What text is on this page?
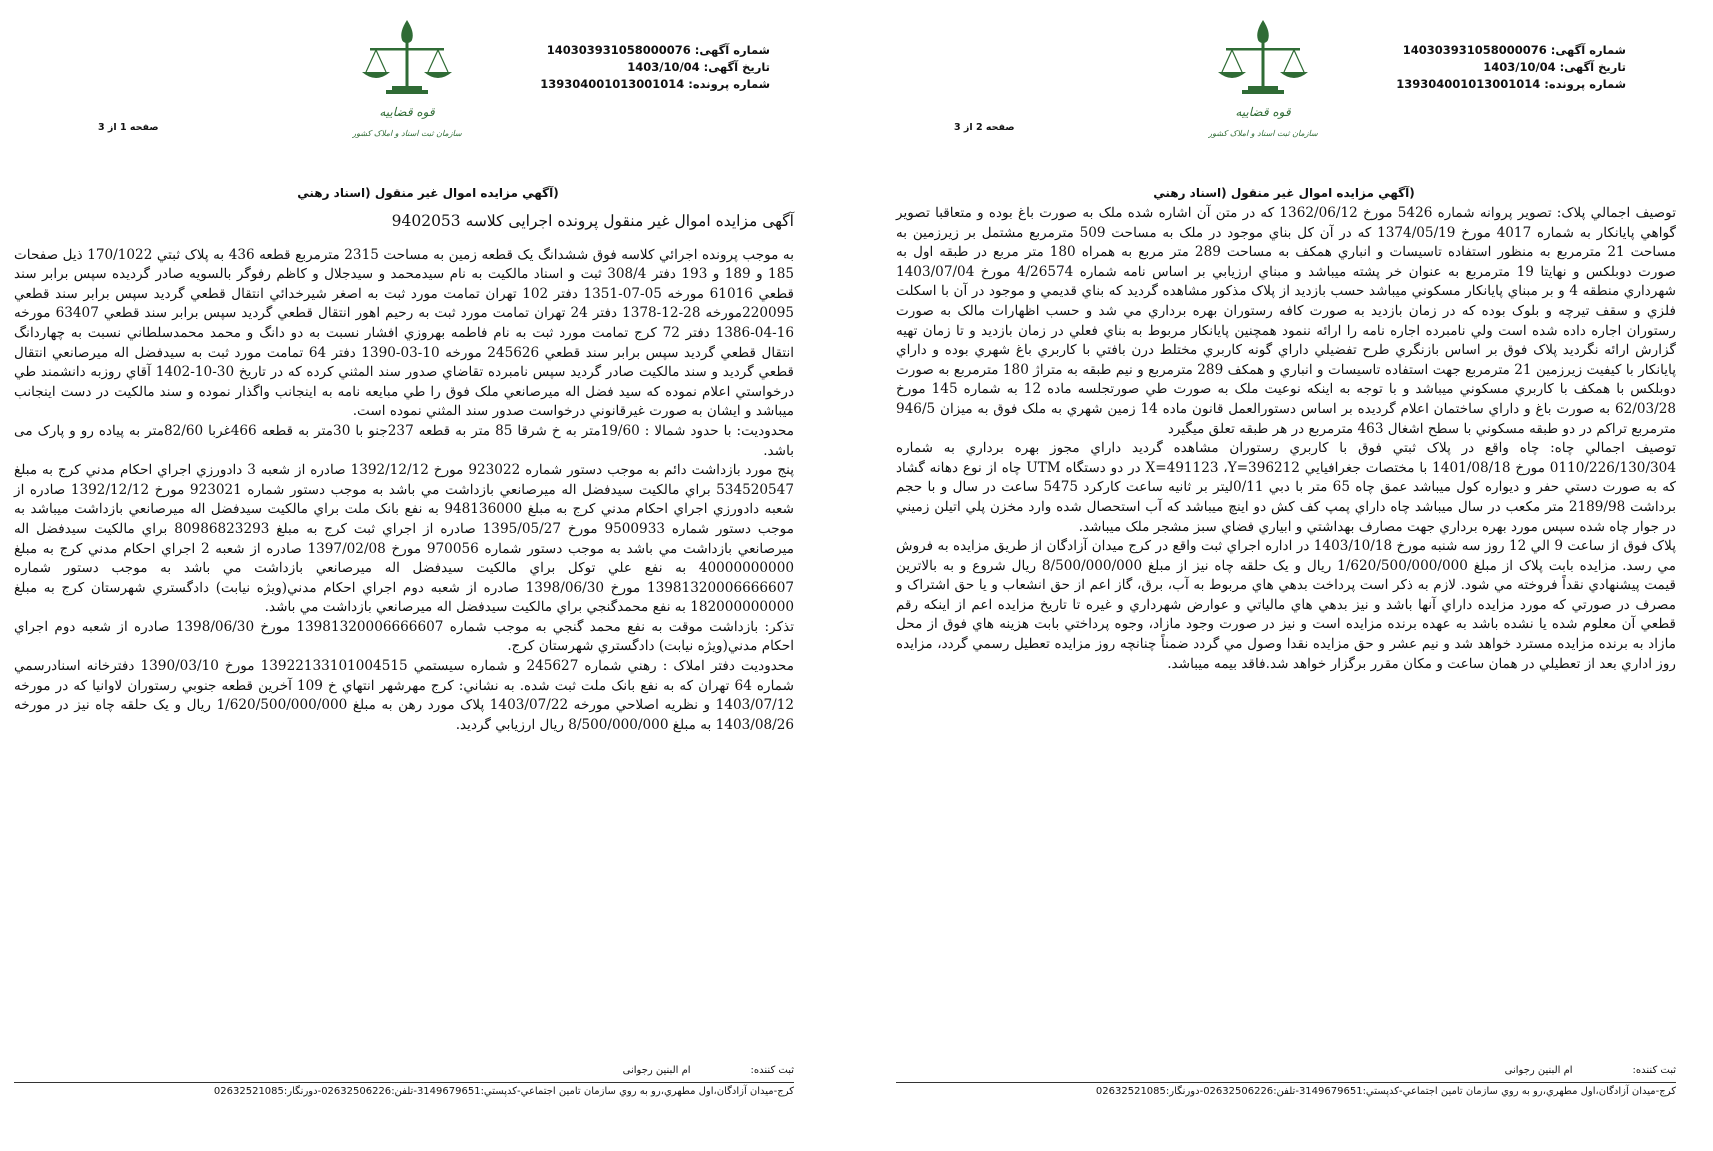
شماره آگهی: 140303931058000076
تاریخ آگهی: 1403/10/04
شماره پرونده: 139304001013001014
قوه قضاییه
سازمان ثبت اسناد و املاک کشور
صفحه 1 از 3
(آگهي مزايده اموال غير منقول (اسناد رهني

آگهی مزایده اموال غیر منقول پرونده اجرایی کلاسه 9402053

به موجب پرونده اجرائي کلاسه فوق ششدانگ يک قطعه زمين به مساحت 2315 مترمربع قطعه 436 به پلاک ثبتي 170/1022 ذيل صفحات 185 و 189 و 193 دفتر 308/4 ثبت و اسناد مالکيت به نام سيدمحمد و سيدجلال و کاظم رفوگر بالسويه صادر گرديده سپس برابر سند قطعي 61016 مورخه 05-07-1351 دفتر 102 تهران تمامت مورد ثبت به اصغر شيرخدائي انتقال قطعي گرديد سپس برابر سند قطعي 220095مورخه 28-12-1378 دفتر 24 تهران تمامت مورد ثبت به رحيم اهور انتقال قطعي گرديد سپس برابر سند قطعي 63407 مورخه 16-04-1386 دفتر 72 کرج تمامت مورد ثبت به نام فاطمه بهروزي افشار نسبت به دو دانگ و محمد محمدسلطاني نسبت به چهاردانگ انتقال قطعي گرديد سپس برابر سند قطعي 245626 مورخه 10-03-1390 دفتر 64 تمامت مورد ثبت به سيدفضل اله ميرصانعي انتقال قطعي گرديد و سند مالکيت صادر گرديد سپس نامبرده تقاضاي صدور سند المثني کرده که در تاريخ 30-10-1402 آقاي روزبه دانشمند طي درخواستي اعلام نموده که سيد فضل اله ميرصانعي ملک فوق را طي مبايعه نامه به اينجانب واگذار نموده و سند مالکيت در دست اينجانب ميباشد و ايشان به صورت غيرقانوني درخواست صدور سند المثني نموده است.

محدوديت: با حدود شمالا : 19/60متر به خ شرقا 85 متر به قطعه 237جنو با 30متر به قطعه 466غربا 82/60متر به پياده رو و پارک می باشد.

پنج مورد بازداشت دائم به موجب دستور شماره 923022 مورخ 1392/12/12 صادره از شعبه 3 دادورزي اجراي احکام مدني کرج به مبلغ 534520547 براي مالکيت سيدفضل اله ميرصانعي بازداشت مي باشد به موجب دستور شماره 923021 مورخ 1392/12/12 صادره از شعبه دادورزي اجراي احکام مدني کرج به مبلغ 948136000 به نفع بانک ملت براي مالکيت سيدفضل اله ميرصانعي بازداشت ميباشد به موجب دستور شماره 9500933 مورخ 1395/05/27 صادره از اجراي ثبت کرج به مبلغ 80986823293 براي مالکيت سيدفضل اله ميرصانعي بازداشت مي باشد به موجب دستور شماره 970056 مورخ 1397/02/08 صادره از شعبه 2 اجراي احکام مدني کرج به مبلغ 40000000000 به نفع علي توکل براي مالکيت سيدفضل اله ميرصانعي بازداشت مي باشد به موجب دستور شماره 13981320006666607 مورخ 1398/06/30 صادره از شعبه دوم اجراي احکام مدني(ويژه نيابت) دادگستري شهرستان کرج به مبلغ 182000000000 به نفع محمدگنجي براي مالکيت سيدفضل اله ميرصانعي بازداشت مي باشد.

تذکر: بازداشت موقت به نفع محمد گنجي به موجب شماره 13981320006666607 مورخ 1398/06/30 صادره از شعبه دوم اجراي احکام مدني(ويژه نيابت) دادگستري شهرستان کرج.

محدوديت دفتر املاک : رهني شماره 245627 و شماره سيستمي 13922133101004515 مورخ 1390/03/10 دفترخانه اسنادرسمي شماره 64 تهران که به نفع بانک ملت ثبت شده. به نشاني: کرج مهرشهر انتهاي خ 109 آخرين قطعه جنوبي رستوران لاوانيا که در مورخه 1403/07/12 و نظريه اصلاحي مورخه 1403/07/22 پلاک مورد رهن به مبلغ 1/620/500/000/000 ريال و يک حلقه چاه نيز در مورخه 1403/08/26 به مبلغ 8/500/000/000 ريال ارزيابي گرديد.

ثبت كننده:
ام البنين رجوانی
کرج-ميدان آزادگان،اول مطهري،رو به روي سازمان تامين اجتماعي-کدپستي:3149679651-تلفن:02632506226-دورنگار:02632521085
شماره آگهی: 140303931058000076
تاریخ آگهی: 1403/10/04
شماره پرونده: 139304001013001014
قوه قضاییه
سازمان ثبت اسناد و املاک کشور
صفحه 2 از 3
(آگهي مزايده اموال غير منقول (اسناد رهني

توصيف اجمالي پلاک: تصوير پروانه شماره 5426 مورخ 1362/06/12 که در متن آن اشاره شده ملک به صورت باغ بوده و متعاقبا تصوير گواهي پايانکار به شماره 4017 مورخ 1374/05/19 که در آن کل بناي موجود در ملک به مساحت 509 مترمربع مشتمل بر زيرزمين به مساحت 21 مترمربع به منظور استفاده تاسيسات و انباري همکف به مساحت 289 متر مربع به همراه 180 متر مربع در طبقه اول به صورت دوبلکس و نهايتا 19 مترمربع به عنوان خر پشته ميباشد و مبناي ارزيابي بر اساس نامه شماره 4/26574 مورخ 1403/07/04 شهرداري منطقه 4 و بر مبناي پايانکار مسکوني ميباشد حسب بازديد از پلاک مذکور مشاهده گرديد که بناي قديمي و موجود در آن با اسکلت فلزي و سقف تيرچه و بلوک بوده که در زمان بازديد به صورت کافه رستوران بهره برداري مي شد و حسب اظهارات مالک به صورت رستوران اجاره داده شده است ولي نامبرده اجاره نامه را ارائه ننمود همچنين پايانکار مربوط به بناي فعلي در زمان بازديد و تا زمان تهيه گزارش ارائه نگرديد پلاک فوق بر اساس بازنگري طرح تفضيلي داراي گونه کاربري مختلط درن بافتي با کاربري باغ شهري بوده و داراي پايانکار با کيفيت زيرزمين 21 مترمربع جهت استفاده تاسيسات و انباري و همکف 289 مترمربع و نيم طبقه به متراژ 180 مترمربع به صورت دوبلکس با همکف با کاربري مسکوني ميباشد و با توجه به اينکه نوعيت ملک به صورت طي صورتجلسه ماده 12 به شماره 145 مورخ 62/03/28 به صورت باغ و داراي ساختمان اعلام گرديده بر اساس دستورالعمل قانون ماده 14 زمين شهري به ملک فوق به ميزان 946/5 مترمربع تراکم در دو طبقه مسکوني با سطح اشغال 463 مترمربع در هر طبقه تعلق ميگيرد

توصيف اجمالي چاه: چاه واقع در پلاک ثبتي فوق با کاربري رستوران مشاهده گرديد داراي مجوز بهره برداري به شماره 0110/226/130/304 مورخ 1401/08/18 با مختصات جغرافيايي X=491123 ،Y=396212 در دو دستگاه UTM چاه از نوع دهانه گشاد که به صورت دستي حفر و ديواره کول ميباشد عمق چاه 65 متر با دبي 0/11ليتر بر ثانيه ساعت کارکرد 5475 ساعت در سال و با حجم برداشت 2189/98 متر مکعب در سال ميباشد چاه داراي پمپ کف کش دو اينچ ميباشد که آب استحصال شده وارد مخزن پلي اتيلن زميني در جوار چاه شده سپس مورد بهره برداري جهت مصارف بهداشتي و ابياري فضاي سبز مشجر ملک ميباشد.

پلاک فوق از ساعت 9 الي 12 روز سه شنبه مورخ 1403/10/18 در اداره اجراي ثبت واقع در کرج ميدان آزادگان از طريق مزايده به فروش مي رسد. مزايده بابت پلاک از مبلغ 1/620/500/000/000 ريال و يک حلقه چاه نيز از مبلغ 8/500/000/000 ريال شروع و به بالاترين قيمت پيشنهادي نقداً فروخته مي شود. لازم به ذکر است پرداخت بدهي هاي مربوط به آب، برق، گاز اعم از حق انشعاب و يا حق اشتراک و مصرف در صورتي که مورد مزايده داراي آنها باشد و نيز بدهي هاي مالياتي و عوارض شهرداري و غيره تا تاريخ مزايده اعم از اينکه رقم قطعي آن معلوم شده يا نشده باشد به عهده برنده مزايده است و نيز در صورت وجود مازاد، وجوه پرداختي بابت هزينه هاي فوق از محل مازاد به برنده مزايده مسترد خواهد شد و نيم عشر و حق مزايده نقدا وصول مي گردد ضمناً چنانچه روز مزايده تعطيل رسمي گردد، مزايده روز اداري بعد از تعطيلي در همان ساعت و مکان مقرر برگزار خواهد شد.فاقد بيمه ميباشد.

ثبت كننده:
ام البنين رجوانی
کرج-ميدان آزادگان،اول مطهري،رو به روي سازمان تامين اجتماعي-کدپستي:3149679651-تلفن:02632506226-دورنگار:02632521085
